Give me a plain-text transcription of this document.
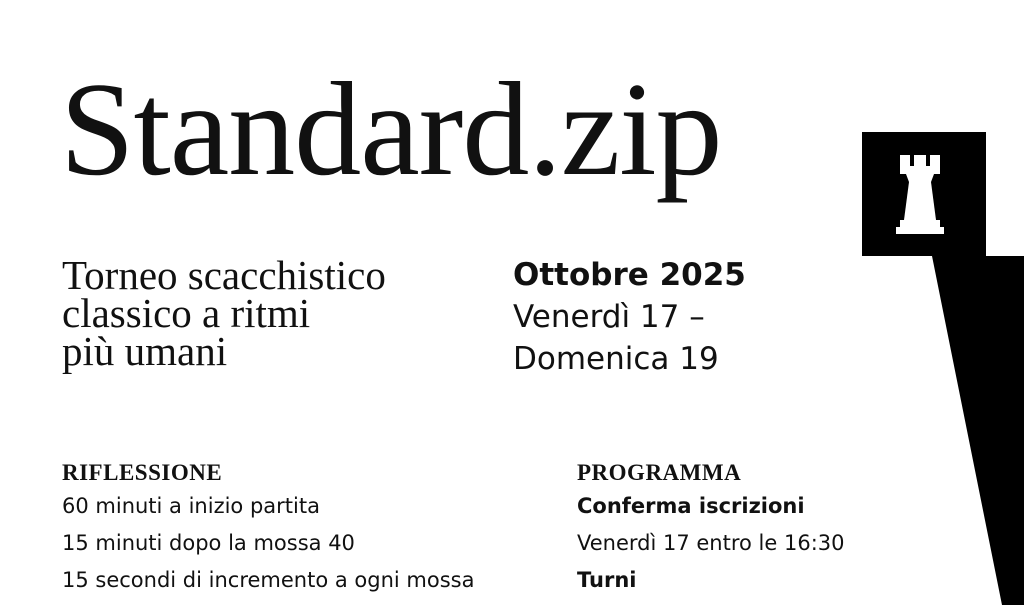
Standard.zip
Torneo scacchistico
classico a ritmi
più umani
Ottobre 2025
Venerdì 17 –
Domenica 19
RIFLESSIONE
60 minuti a inizio partita
15 minuti dopo la mossa 40
15 secondi di incremento a ogni mossa
PROGRAMMA
Conferma iscrizioni
Venerdì 17 entro le 16:30
Turni
